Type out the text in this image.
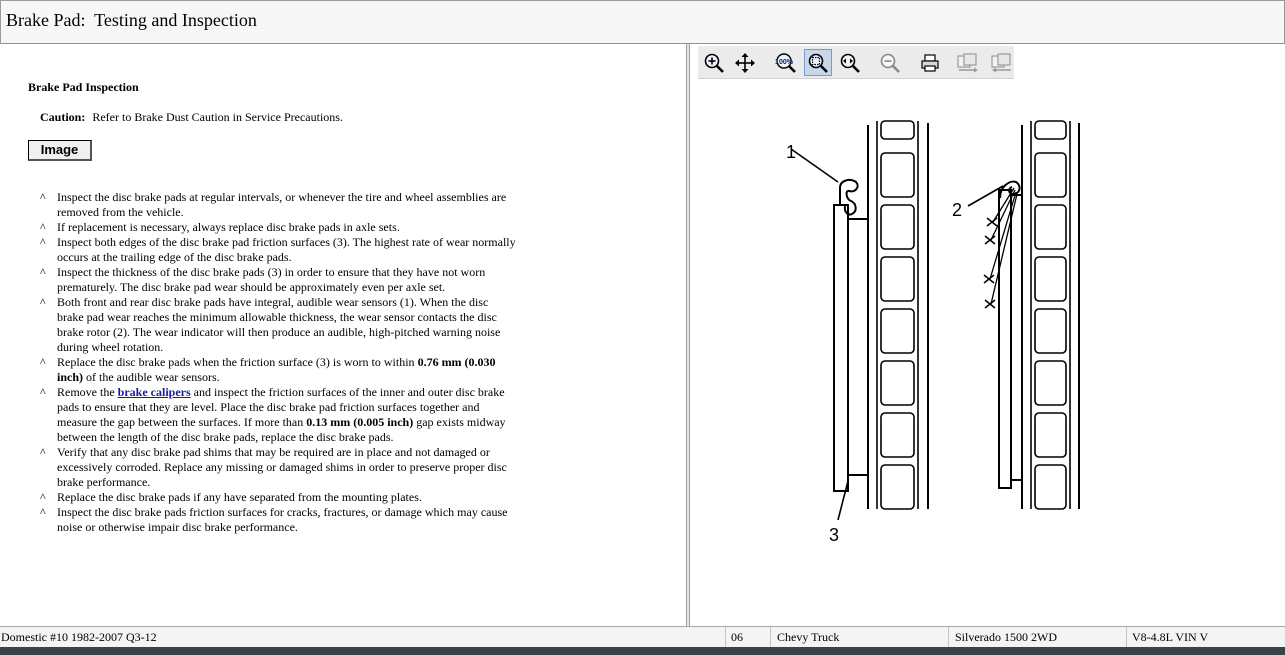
Brake Pad:  Testing and Inspection
Brake Pad Inspection
Caution: Refer to Brake Dust Caution in Service Precautions.
Image
^ Inspect the disc brake pads at regular intervals, or whenever the tire and wheel assemblies are removed from the vehicle.
^ If replacement is necessary, always replace disc brake pads in axle sets.
^ Inspect both edges of the disc brake pad friction surfaces (3). The highest rate of wear normally occurs at the trailing edge of the disc brake pads.
^ Inspect the thickness of the disc brake pads (3) in order to ensure that they have not worn prematurely. The disc brake pad wear should be approximately even per axle set.
^ Both front and rear disc brake pads have integral, audible wear sensors (1). When the disc brake pad wear reaches the minimum allowable thickness, the wear sensor contacts the disc brake rotor (2). The wear indicator will then produce an audible, high-pitched warning noise during wheel rotation.
^ Replace the disc brake pads when the friction surface (3) is worn to within 0.76 mm (0.030 inch) of the audible wear sensors.
^ Remove the brake calipers and inspect the friction surfaces of the inner and outer disc brake pads to ensure that they are level. Place the disc brake pad friction surfaces together and measure the gap between the surfaces. If more than 0.13 mm (0.005 inch) gap exists midway between the length of the disc brake pads, replace the disc brake pads.
^ Verify that any disc brake pad shims that may be required are in place and not damaged or excessively corroded. Replace any missing or damaged shims in order to preserve proper disc brake performance.
^ Replace the disc brake pads if any have separated from the mounting plates.
^ Inspect the disc brake pads friction surfaces for cracks, fractures, or damage which may cause noise or otherwise impair disc brake performance.
100%
1
2
3
Domestic #10 1982-2007 Q3-12	06	Chevy Truck	Silverado 1500 2WD	V8-4.8L VIN V
